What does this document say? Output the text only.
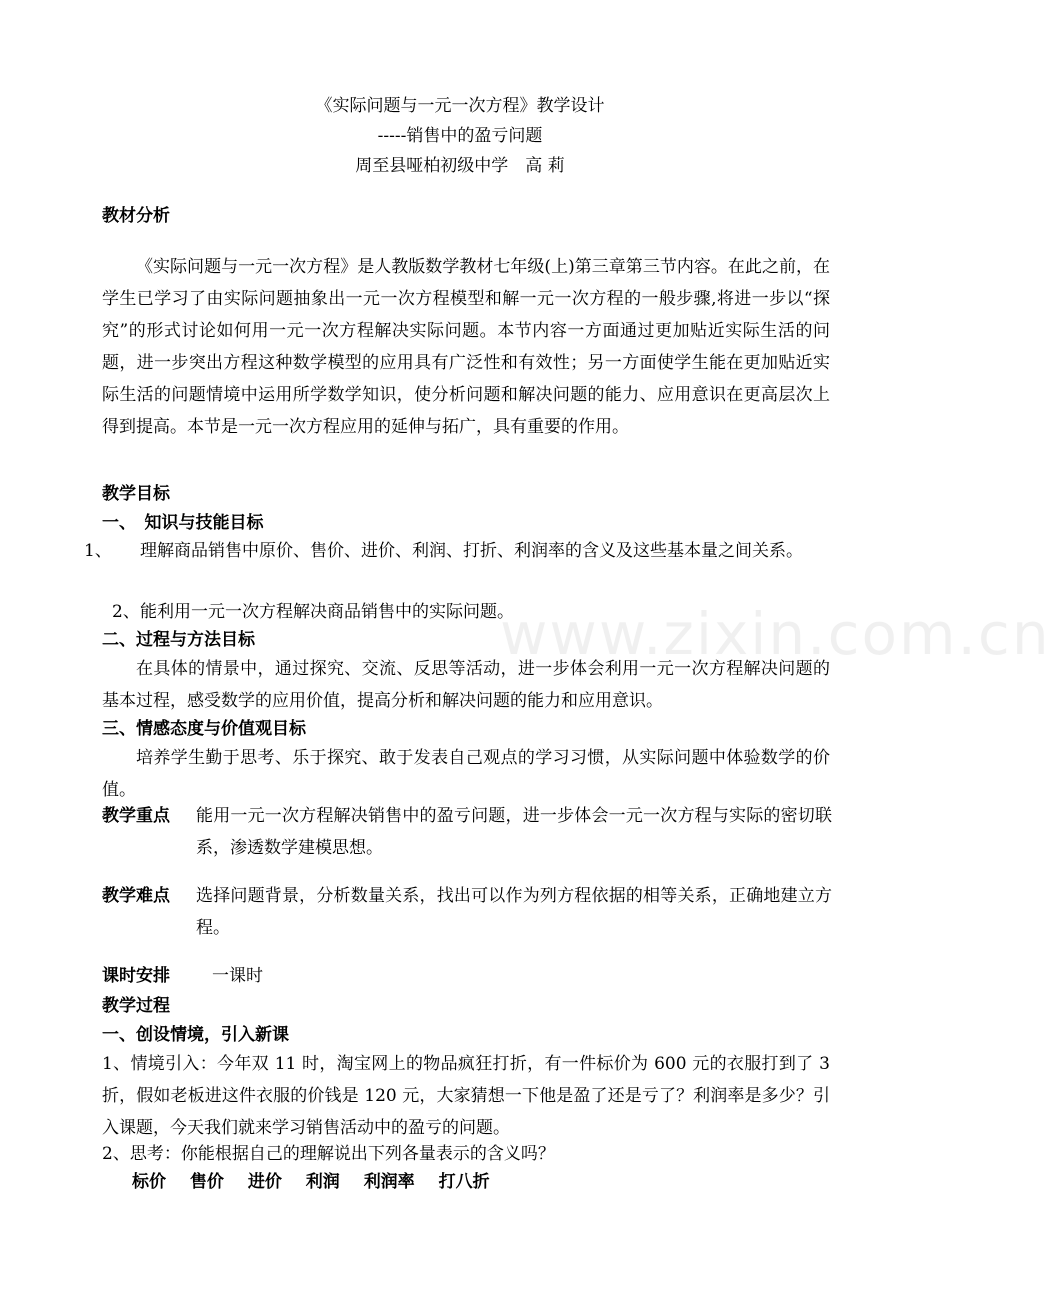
《实际问题与一元一次方程》教学设计
-----销售中的盈亏问题
周至县哑柏初级中学　高 莉
教材分析
《实际问题与一元一次方程》是人教版数学教材七年级(上)第三章第三节内容。在此之前，在学生已学习了由实际问题抽象出一元一次方程模型和解一元一次方程的一般步骤,将进一步以“探究”的形式讨论如何用一元一次方程解决实际问题。本节内容一方面通过更加贴近实际生活的问题，进一步突出方程这种数学模型的应用具有广泛性和有效性；另一方面使学生能在更加贴近实际生活的问题情境中运用所学数学知识，使分析问题和解决问题的能力、应用意识在更高层次上得到提高。本节是一元一次方程应用的延伸与拓广，具有重要的作用。
教学目标
一、　知识与技能目标
1、 理解商品销售中原价、售价、进价、利润、打折、利润率的含义及这些基本量之间关系。
2、能利用一元一次方程解决商品销售中的实际问题。
二、过程与方法目标
在具体的情景中，通过探究、交流、反思等活动，进一步体会利用一元一次方程解决问题的基本过程，感受数学的应用价值，提高分析和解决问题的能力和应用意识。
三、情感态度与价值观目标
培养学生勤于思考、乐于探究、敢于发表自己观点的学习习惯，从实际问题中体验数学的价值。
教学重点 能用一元一次方程解决销售中的盈亏问题，进一步体会一元一次方程与实际的密切联系，渗透数学建模思想。
教学难点 选择问题背景，分析数量关系，找出可以作为列方程依据的相等关系，正确地建立方程。
课时安排 一课时
教学过程
一、创设情境，引入新课
1、情境引入：今年双 11 时，淘宝网上的物品疯狂打折，有一件标价为 600 元的衣服打到了 3 折，假如老板进这件衣服的价钱是 120 元，大家猜想一下他是盈了还是亏了？利润率是多少？引入课题，今天我们就来学习销售活动中的盈亏的问题。
2、思考：你能根据自己的理解说出下列各量表示的含义吗？
标价 售价 进价 利润 利润率 打八折
www.zixin.com.cn
